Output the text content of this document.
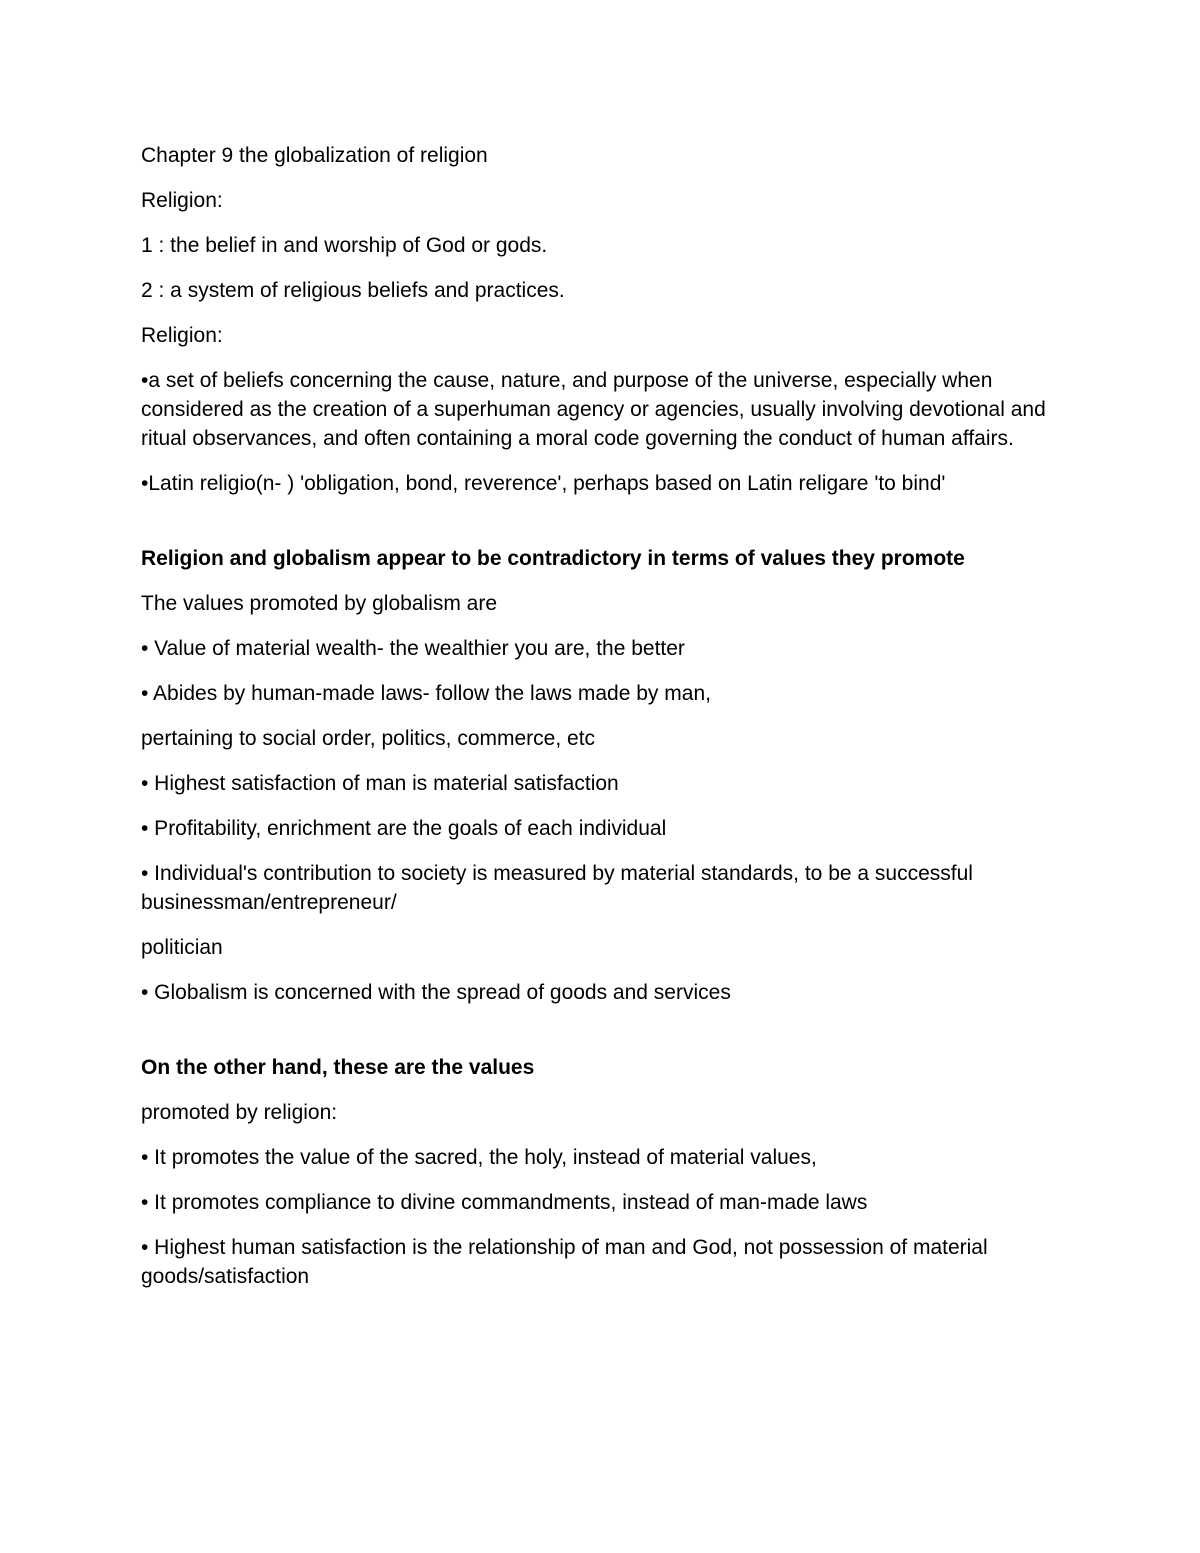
Chapter 9 the globalization of religion

Religion:

1 : the belief in and worship of God or gods.

2 : a system of religious beliefs and practices.

Religion:

•a set of beliefs concerning the cause, nature, and purpose of the universe, especially when considered as the creation of a superhuman agency or agencies, usually involving devotional and ritual observances, and often containing a moral code governing the conduct of human affairs.

•Latin religio(n- ) 'obligation, bond, reverence', perhaps based on Latin religare 'to bind'

Religion and globalism appear to be contradictory in terms of values they promote

The values promoted by globalism are

• Value of material wealth- the wealthier you are, the better

• Abides by human-made laws- follow the laws made by man,

pertaining to social order, politics, commerce, etc

• Highest satisfaction of man is material satisfaction

• Profitability, enrichment are the goals of each individual

• Individual's contribution to society is measured by material standards, to be a successful businessman/entrepreneur/

politician

• Globalism is concerned with the spread of goods and services

On the other hand, these are the values

promoted by religion:

• It promotes the value of the sacred, the holy, instead of material values,

• It promotes compliance to divine commandments, instead of man-made laws

• Highest human satisfaction is the relationship of man and God, not possession of material goods/satisfaction
